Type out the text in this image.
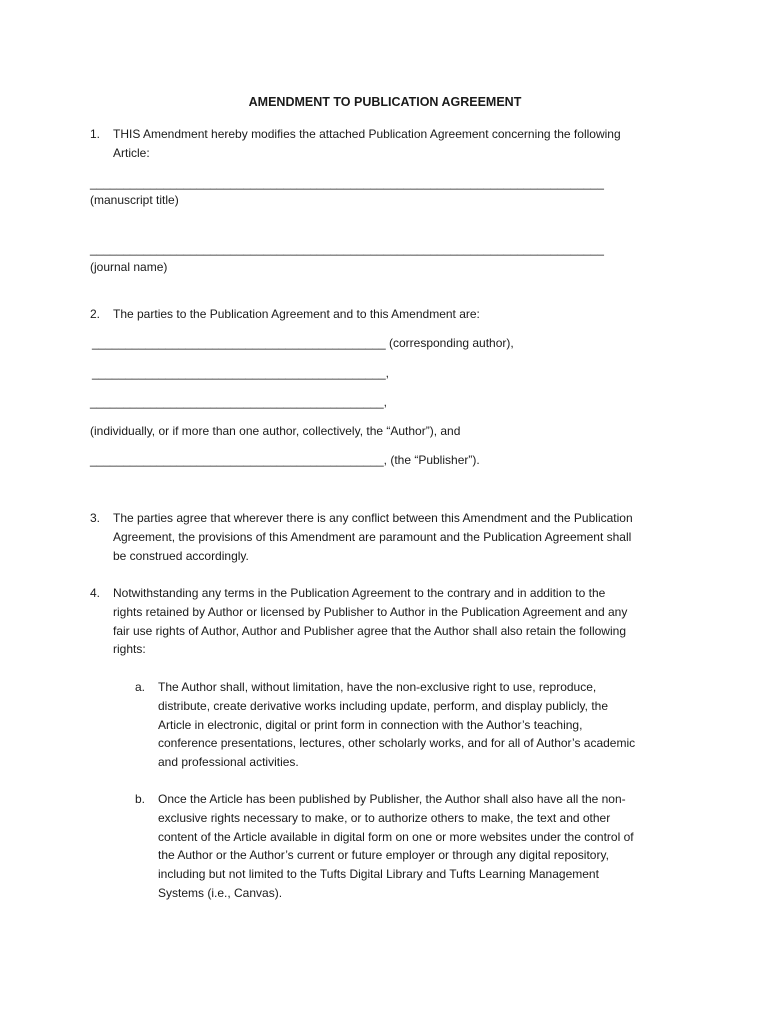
AMENDMENT TO PUBLICATION AGREEMENT
1.	THIS Amendment hereby modifies the attached Publication Agreement concerning the following
Article:
_____________________________________________________________________________
(manuscript title)
_____________________________________________________________________________
(journal name)
2.	The parties to the Publication Agreement and to this Amendment are:
____________________________________________ (corresponding author),
____________________________________________,
____________________________________________,
(individually, or if more than one author, collectively, the “Author”), and
____________________________________________, (the “Publisher”).
3.	The parties agree that wherever there is any conflict between this Amendment and the Publication
Agreement, the provisions of this Amendment are paramount and the Publication Agreement shall
be construed accordingly.
4.	Notwithstanding any terms in the Publication Agreement to the contrary and in addition to the
rights retained by Author or licensed by Publisher to Author in the Publication Agreement and any
fair use rights of Author, Author and Publisher agree that the Author shall also retain the following
rights:
a.	The Author shall, without limitation, have the non-exclusive right to use, reproduce,
distribute, create derivative works including update, perform, and display publicly, the
Article in electronic, digital or print form in connection with the Author’s teaching,
conference presentations, lectures, other scholarly works, and for all of Author’s academic
and professional activities.
b.	Once the Article has been published by Publisher, the Author shall also have all the non-
exclusive rights necessary to make, or to authorize others to make, the text and other
content of the Article available in digital form on one or more websites under the control of
the Author or the Author’s current or future employer or through any digital repository,
including but not limited to the Tufts Digital Library and Tufts Learning Management
Systems (i.e., Canvas).
